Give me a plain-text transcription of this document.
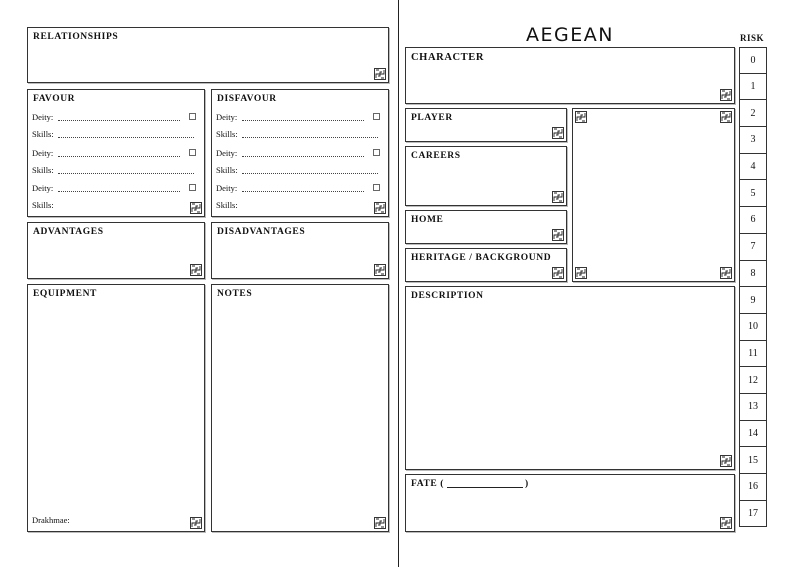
RELATIONSHIPS
FAVOUR
Deity:
Skills:
Deity:
Skills:
Deity:
Skills:
DISFAVOUR
Deity:
Skills:
Deity:
Skills:
Deity:
Skills:
ADVANTAGES	DISADVANTAGES
EQUIPMENT
Drakhmae:
NOTES
AEGEAN
CHARACTER
PLAYER
CAREERS
HOME
HERITAGE / BACKGROUND
DESCRIPTION
FATE (	)
RISK
0
1
2
3
4
5
6
7
8
9
10
11
12
13
14
15
16
17
